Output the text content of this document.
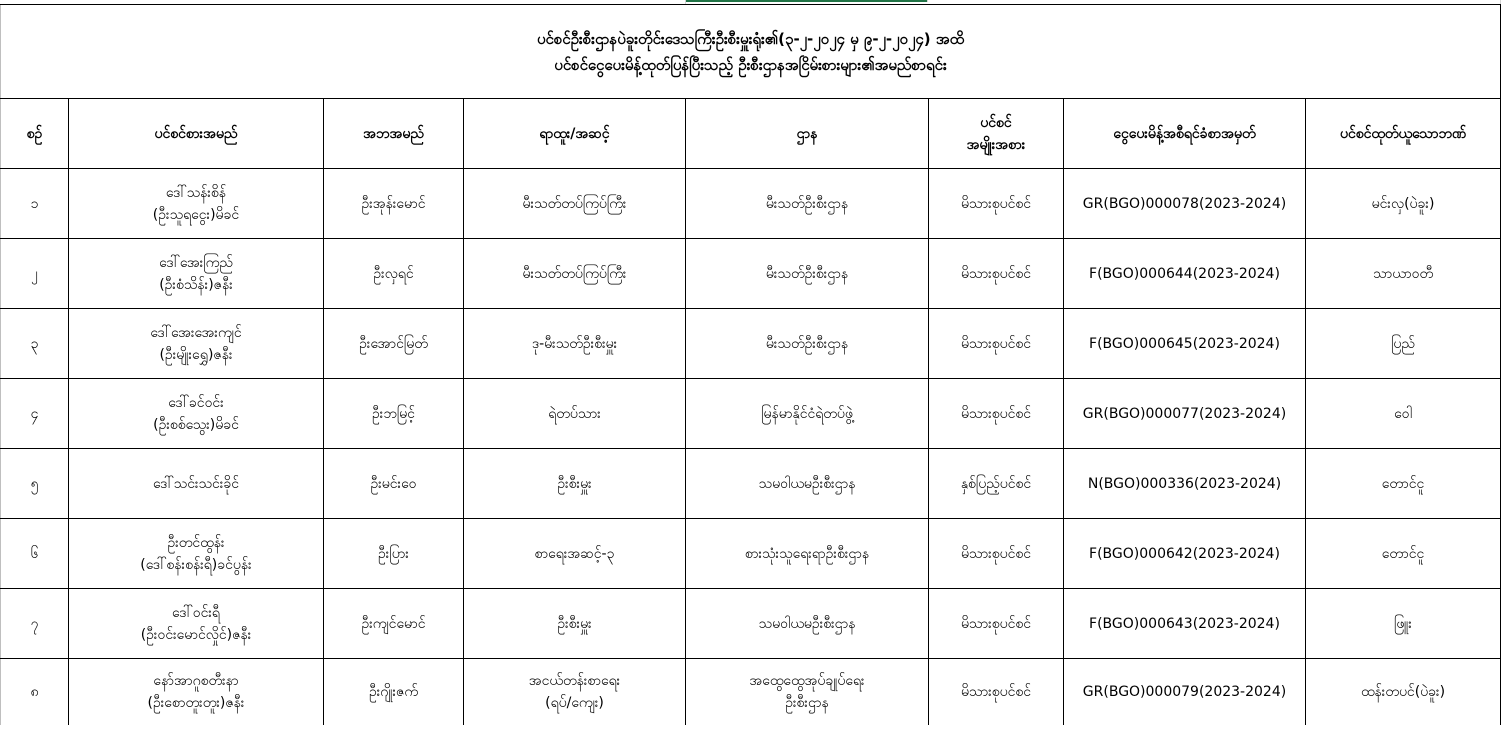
ပင်စင်ဦးစီးဌာနပဲခူးတိုင်းဒေသကြီးဦးစီးမှူးရုံး၏(၃-၂-၂၀၂၄ မှ ၉-၂-၂၀၂၄) အထိ
ပင်စင်ငွေပေးမိန့်ထုတ်ပြန်ပြီးသည့် ဦးစီးဌာနအငြိမ်းစားများ၏အမည်စာရင်း							

စဉ်	ပင်စင်စားအမည်	အဘအမည်	ရာထူး/အဆင့်	ဌာန	ပင်စင်
အမျိုးအစား	ငွေပေးမိန့်အစီရင်ခံစာအမှတ်	ပင်စင်ထုတ်ယူသောဘဏ်

၁	ဒေါ်သန်းစိန်
(ဦးသူရငွေး)မိခင်	ဦးအုန်းမောင်	မီးသတ်တပ်ကြပ်ကြီး	မီးသတ်ဦးစီးဌာန	မိသားစုပင်စင်	GR(BGO)000078(2023-2024)	မင်းလှ(ပဲခူး)

၂	ဒေါ်အေးကြည်
(ဦးစံသိန်း)ဇနီး	ဦးလှရင်	မီးသတ်တပ်ကြပ်ကြီး	မီးသတ်ဦးစီးဌာန	မိသားစုပင်စင်	F(BGO)000644(2023-2024)	သာယာဝတီ

၃	ဒေါ်အေးအေးကျင်
(ဦးမျိုးရွှေ)ဇနီး	ဦးအောင်မြတ်	ဒု-မီးသတ်ဦးစီးမှူး	မီးသတ်ဦးစီးဌာန	မိသားစုပင်စင်	F(BGO)000645(2023-2024)	ပြည်

၄	ဒေါ်ခင်ဝင်း
(ဦးစစ်သွေး)မိခင်	ဦးဘမြင့်	ရဲတပ်သား	မြန်မာနိုင်ငံရဲတပ်ဖွဲ့	မိသားစုပင်စင်	GR(BGO)000077(2023-2024)	ဝေါ

၅	ဒေါ်သင်းသင်းခိုင်	ဦးမင်းဝေ	ဦးစီးမှူး	သမဝါယမဦးစီးဌာန	နှစ်ပြည့်ပင်စင်	N(BGO)000336(2023-2024)	တောင်ငူ

၆	ဦးတင်ထွန်း
(ဒေါ်စန်းစန်းရီ)ခင်ပွန်း	ဦးပြား	စာရေးအဆင့်-၃	စားသုံးသူရေးရာဦးစီးဌာန	မိသားစုပင်စင်	F(BGO)000642(2023-2024)	တောင်ငူ

၇	ဒေါ်ဝင်းရီ
(ဦးဝင်းမောင်လှိုင်)ဇနီး	ဦးကျင်မောင်	ဦးစီးမှူး	သမဝါယမဦးစီးဌာန	မိသားစုပင်စင်	F(BGO)000643(2023-2024)	ဖြူး

၈	နော်အာဂူစတီးနာ
(ဦးစောတူးတူး)ဇနီး	ဦးဂျိုးဇက်	အငယ်တန်းစာရေး
(ရပ်/ကျေး)	အထွေထွေအုပ်ချုပ်ရေး
ဦးစီးဌာန	မိသားစုပင်စင်	GR(BGO)000079(2023-2024)	ထန်းတပင်(ပဲခူး)
